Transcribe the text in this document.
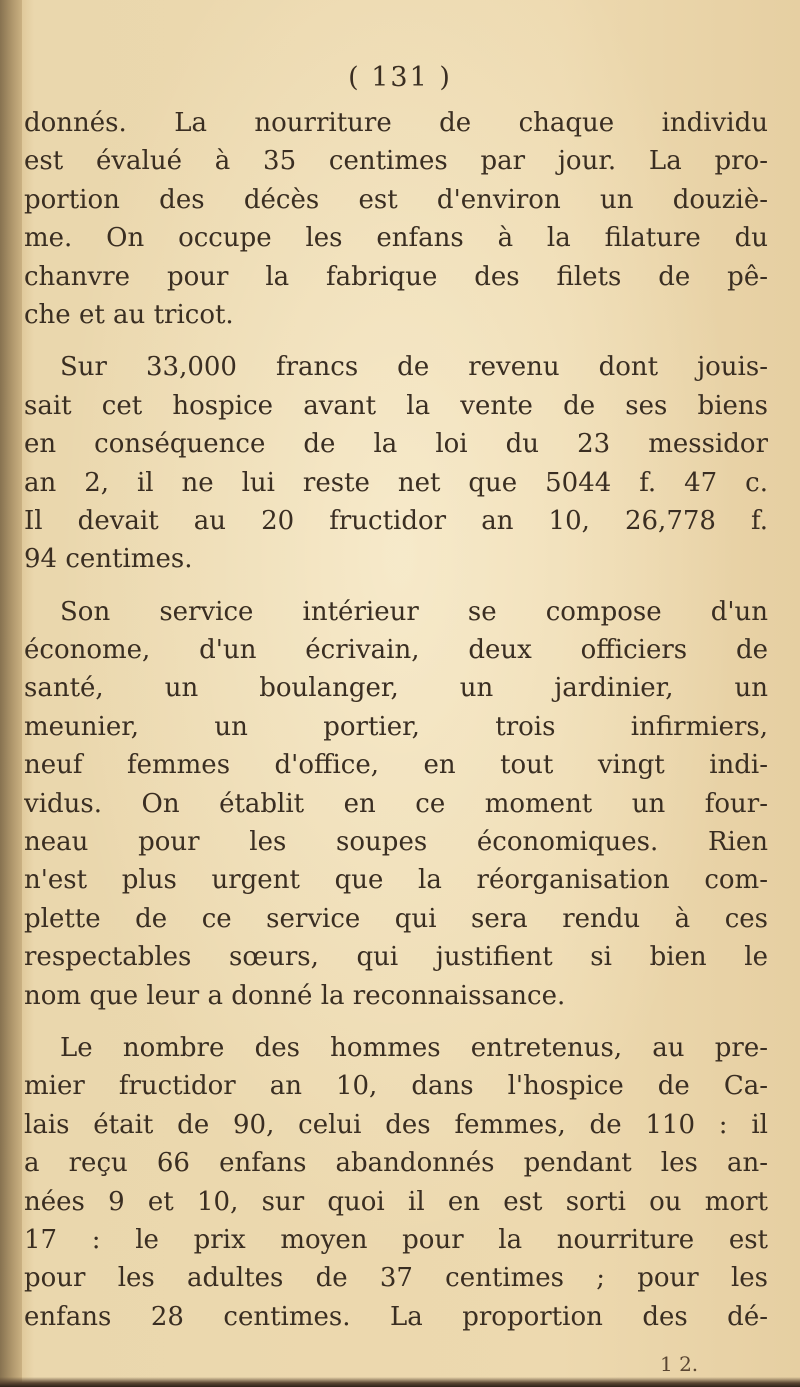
( 131 )
donnés. La nourriture de chaque individu
est évalué à 35 centimes par jour. La pro-
portion des décès est d'environ un douziè-
me. On occupe les enfans à la filature du
chanvre pour la fabrique des filets de pê-
che et au tricot.
Sur 33,000 francs de revenu dont jouis-
sait cet hospice avant la vente de ses biens
en conséquence de la loi du 23 messidor
an 2, il ne lui reste net que 5044 f. 47 c.
Il devait au 20 fructidor an 10, 26,778 f.
94 centimes.
Son service intérieur se compose d'un
économe, d'un écrivain, deux officiers de
santé, un boulanger, un jardinier, un
meunier, un portier, trois infirmiers,
neuf femmes d'office, en tout vingt indi-
vidus. On établit en ce moment un four-
neau pour les soupes économiques. Rien
n'est plus urgent que la réorganisation com-
plette de ce service qui sera rendu à ces
respectables sœurs, qui justifient si bien le
nom que leur a donné la reconnaissance.
Le nombre des hommes entretenus, au pre-
mier fructidor an 10, dans l'hospice de Ca-
lais était de 90, celui des femmes, de 110 : il
a reçu 66 enfans abandonnés pendant les an-
nées 9 et 10, sur quoi il en est sorti ou mort
17 : le prix moyen pour la nourriture est
pour les adultes de 37 centimes ; pour les
enfans 28 centimes. La proportion des dé-
1 2.
